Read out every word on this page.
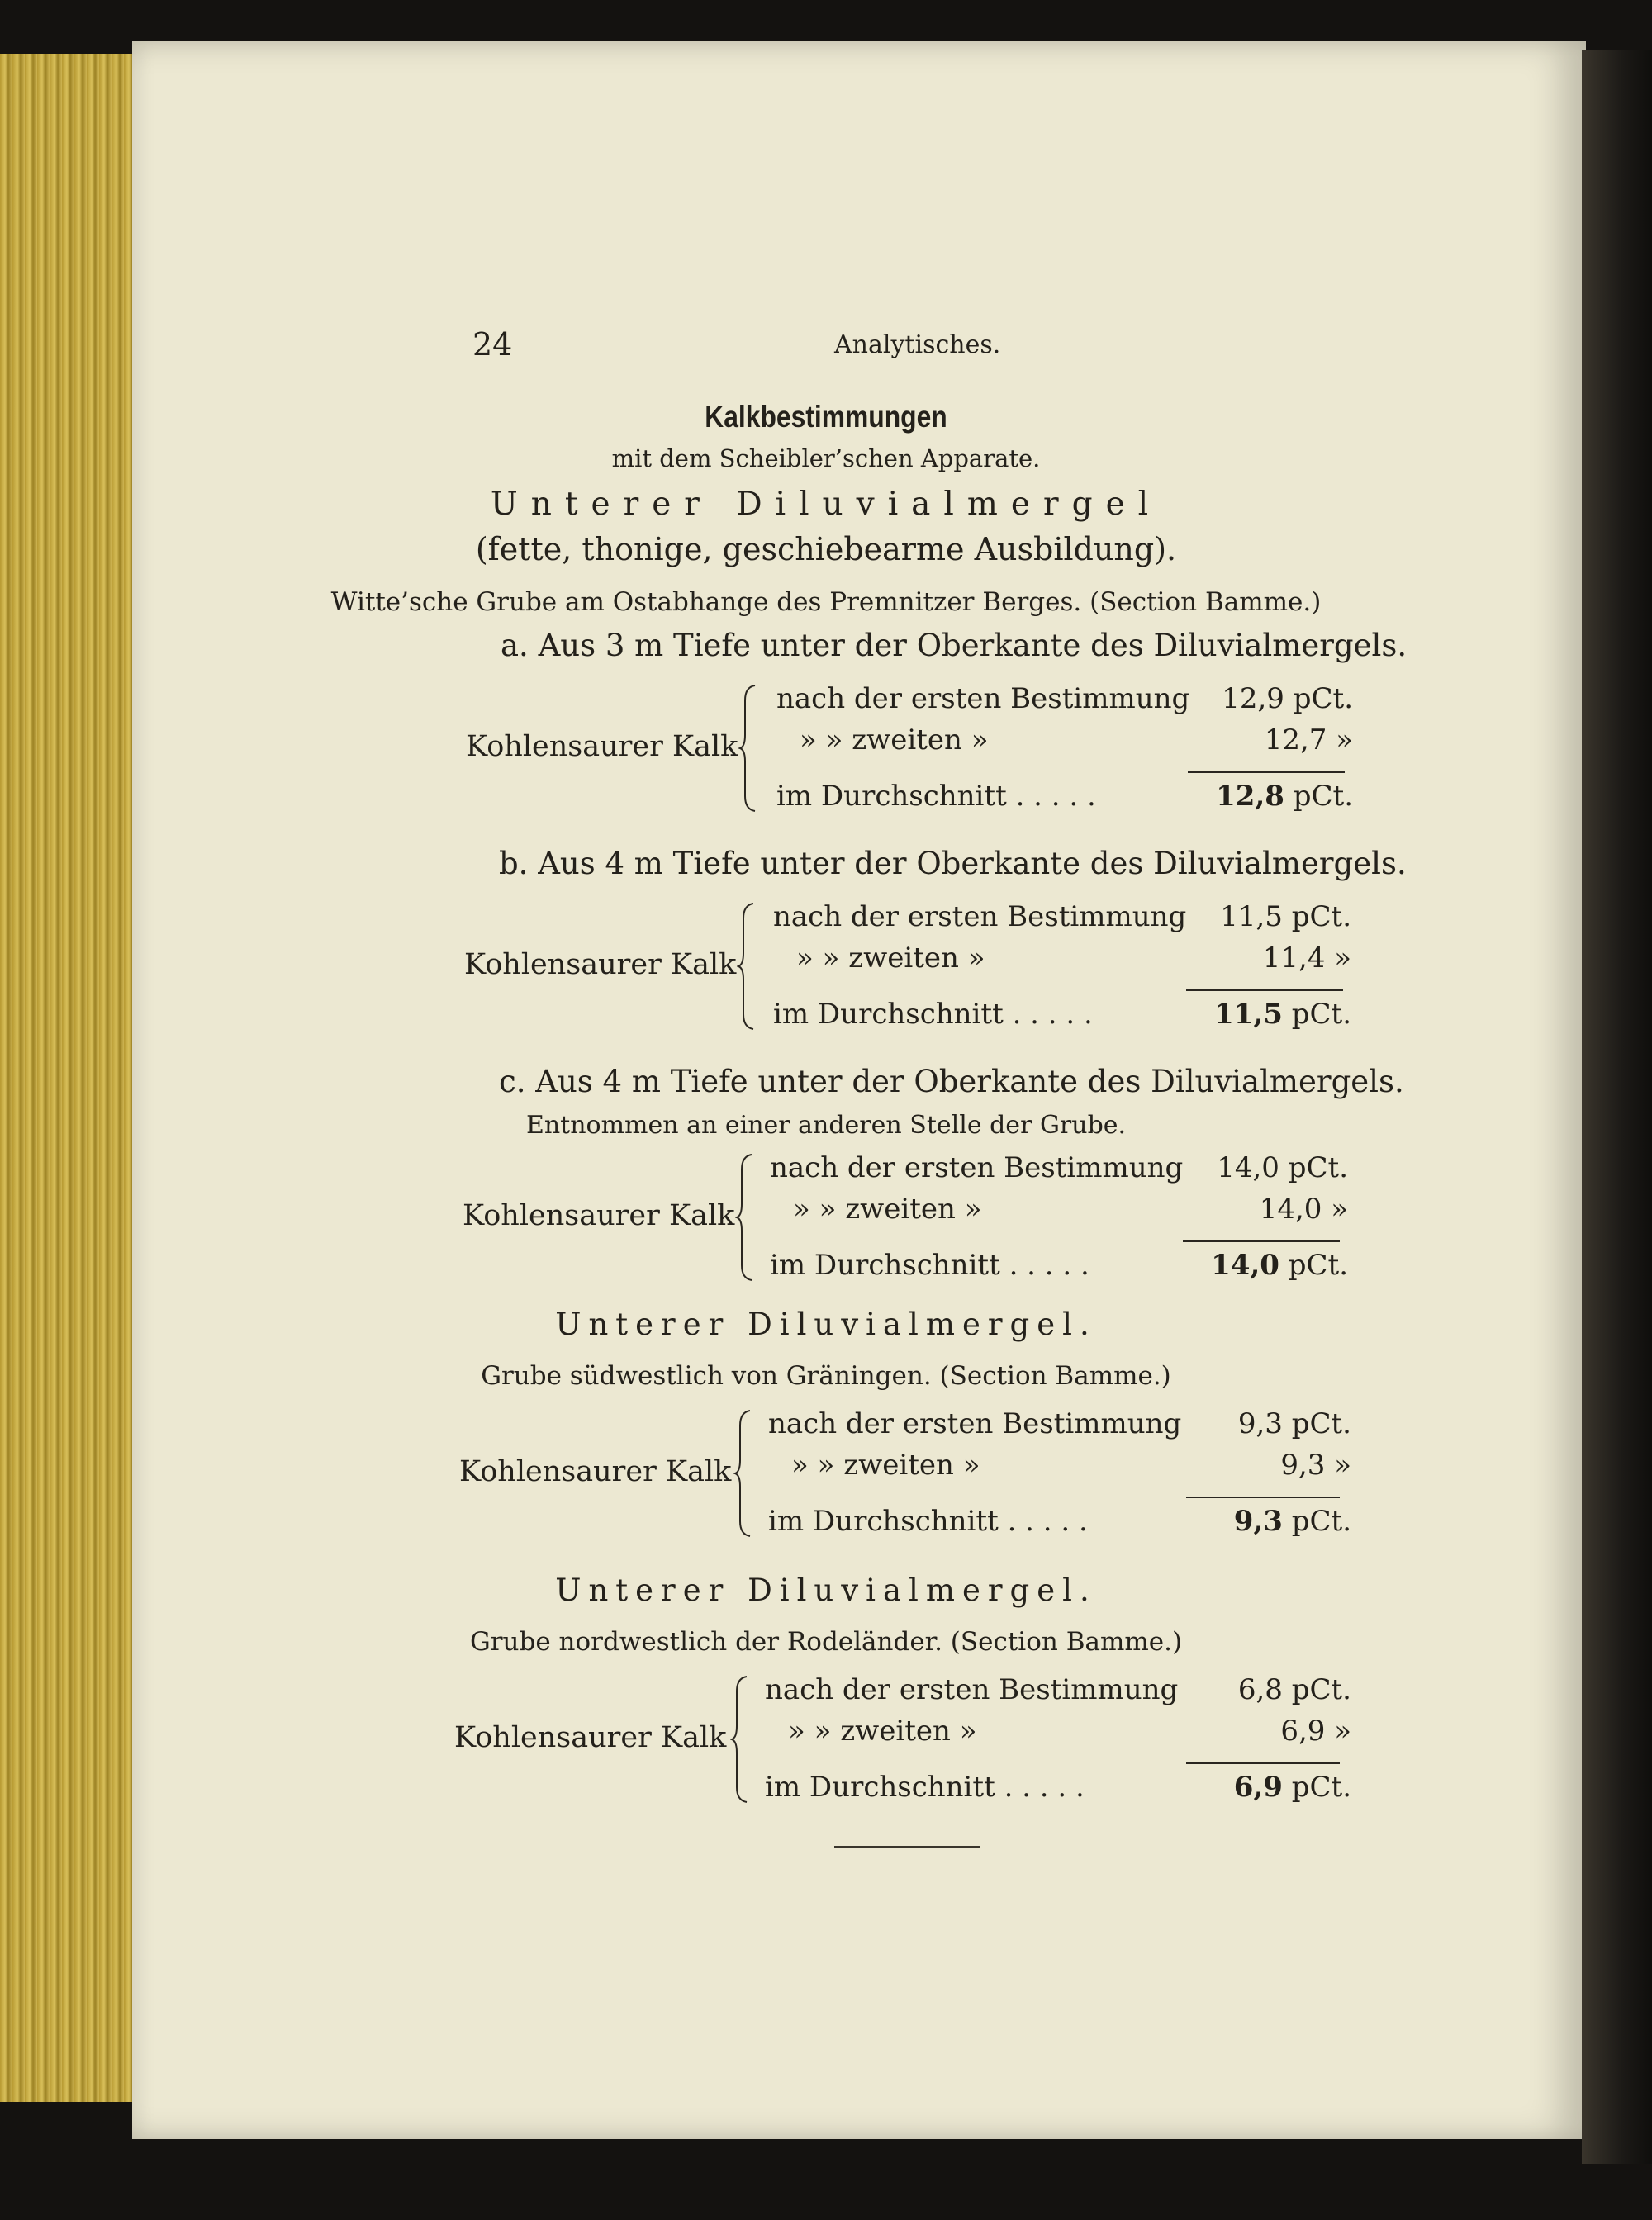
24	Analytisches.
Kalkbestimmungen
mit dem Scheibler’schen Apparate.
Unterer Diluvialmergel
(fette, thonige, geschiebearme Ausbildung).
Witte’sche Grube am Ostabhange des Premnitzer Berges. (Section Bamme.)
a. Aus 3 m Tiefe unter der Oberkante des Diluvialmergels.
Kohlensaurer Kalk
nach der ersten Bestimmung	12,9 pCt.
» » zweiten »	12,7 »
im Durchschnitt . . . . .	12,8 pCt.
b. Aus 4 m Tiefe unter der Oberkante des Diluvialmergels.
Kohlensaurer Kalk
nach der ersten Bestimmung	11,5 pCt.
» » zweiten »	11,4 »
im Durchschnitt . . . . .	11,5 pCt.
c. Aus 4 m Tiefe unter der Oberkante des Diluvialmergels.
Entnommen an einer anderen Stelle der Grube.
Kohlensaurer Kalk
nach der ersten Bestimmung	14,0 pCt.
» » zweiten »	14,0 »
im Durchschnitt . . . . .	14,0 pCt.
Unterer Diluvialmergel.
Grube südwestlich von Gräningen. (Section Bamme.)
Kohlensaurer Kalk
nach der ersten Bestimmung	9,3 pCt.
» » zweiten »	9,3 »
im Durchschnitt . . . . .	9,3 pCt.
Unterer Diluvialmergel.
Grube nordwestlich der Rodeländer. (Section Bamme.)
Kohlensaurer Kalk
nach der ersten Bestimmung	6,8 pCt.
» » zweiten »	6,9 »
im Durchschnitt . . . . .	6,9 pCt.
